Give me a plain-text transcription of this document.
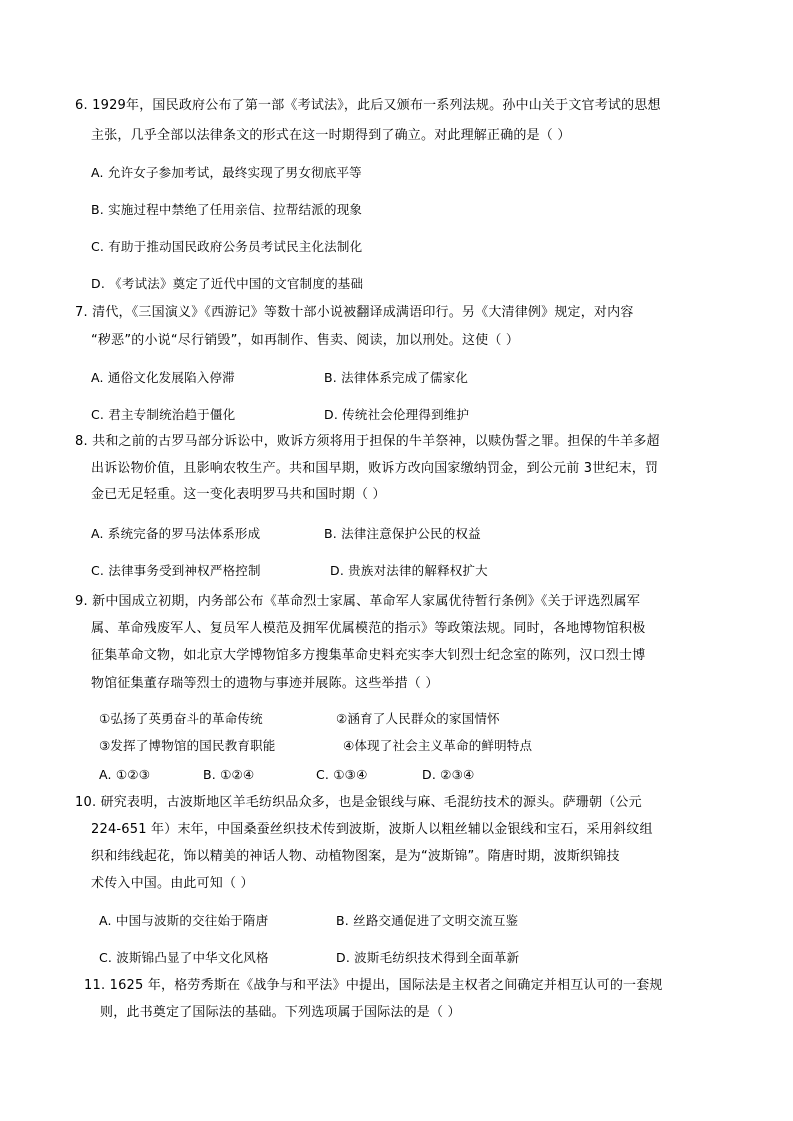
6. 1929年，国民政府公布了第一部《考试法》，此后又颁布一系列法规。孙中山关于文官考试的思想
主张，几乎全部以法律条文的形式在这一时期得到了确立。对此理解正确的是（ ）
A. 允许女子参加考试，最终实现了男女彻底平等
B. 实施过程中禁绝了任用亲信、拉帮结派的现象
C. 有助于推动国民政府公务员考试民主化法制化
D. 《考试法》奠定了近代中国的文官制度的基础
7. 清代，《三国演义》《西游记》等数十部小说被翻译成满语印行。另《大清律例》规定，对内容
“秽恶”的小说“尽行销毁”，如再制作、售卖、阅读，加以刑处。这使（ ）
A. 通俗文化发展陷入停滞	B. 法律体系完成了儒家化
C. 君主专制统治趋于僵化	D. 传统社会伦理得到维护
8. 共和之前的古罗马部分诉讼中，败诉方须将用于担保的牛羊祭神，以赎伪誓之罪。担保的牛羊多超
出诉讼物价值，且影响农牧生产。共和国早期，败诉方改向国家缴纳罚金，到公元前 3世纪末，罚
金已无足轻重。这一变化表明罗马共和国时期（ ）
A. 系统完备的罗马法体系形成	B. 法律注意保护公民的权益
C. 法律事务受到神权严格控制	D. 贵族对法律的解释权扩大
9. 新中国成立初期，内务部公布《革命烈士家属、革命军人家属优待暂行条例》《关于评选烈属军
属、革命残废军人、复员军人模范及拥军优属模范的指示》等政策法规。同时，各地博物馆积极
征集革命文物，如北京大学博物馆多方搜集革命史料充实李大钊烈士纪念室的陈列，汉口烈士博
物馆征集董存瑞等烈士的遗物与事迹并展陈。这些举措（ ）
①弘扬了英勇奋斗的革命传统	②涵育了人民群众的家国情怀
③发挥了博物馆的国民教育职能	④体现了社会主义革命的鲜明特点
A. ①②③	B. ①②④	C. ①③④	D. ②③④
10. 研究表明，古波斯地区羊毛纺织品众多，也是金银线与麻、毛混纺技术的源头。萨珊朝（公元
224-651 年）末年，中国桑蚕丝织技术传到波斯，波斯人以粗丝辅以金银线和宝石，采用斜纹组
织和纬线起花，饰以精美的神话人物、动植物图案，是为“波斯锦”。隋唐时期，波斯织锦技
术传入中国。由此可知（ ）
A. 中国与波斯的交往始于隋唐	B. 丝路交通促进了文明交流互鉴
C. 波斯锦凸显了中华文化风格	D. 波斯毛纺织技术得到全面革新
11. 1625 年，格劳秀斯在《战争与和平法》中提出，国际法是主权者之间确定并相互认可的一套规
则，此书奠定了国际法的基础。下列选项属于国际法的是（ ）
